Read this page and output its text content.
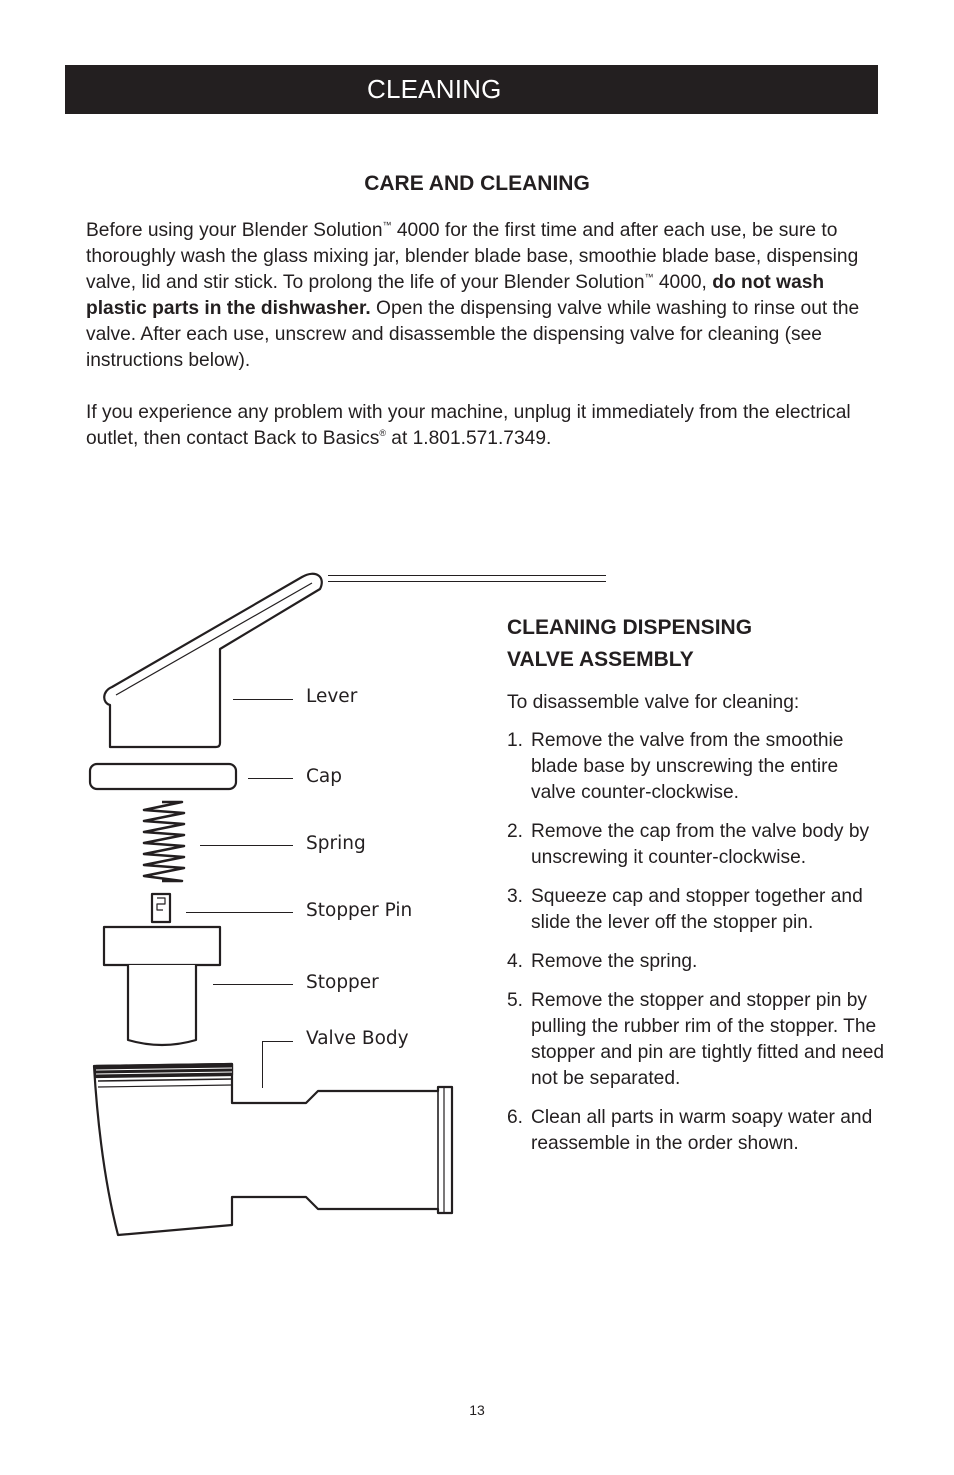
CLEANING
CARE AND CLEANING

Before using your Blender Solution™ 4000 for the first time and after each use, be sure to thoroughly wash the glass mixing jar, blender blade base, smoothie blade base, dispensing valve, lid and stir stick. To prolong the life of your Blender Solution™ 4000, do not wash plastic parts in the dishwasher. Open the dispensing valve while washing to rinse out the valve. After each use, unscrew and disassemble the dispensing valve for cleaning (see instructions below).

If you experience any problem with your machine, unplug it immediately from the electrical outlet, then contact Back to Basics® at 1.801.571.7349.

Lever
Cap
Spring
Stopper Pin
Stopper
Valve Body
CLEANING DISPENSING
VALVE ASSEMBLY

To disassemble valve for cleaning:

1. Remove the valve from the smoothie blade base by unscrewing the entire valve counter-clockwise.
2. Remove the cap from the valve body by unscrewing it counter-clockwise.
3. Squeeze cap and stopper together and slide the lever off the stopper pin.
4. Remove the spring.
5. Remove the stopper and stopper pin by pulling the rubber rim of the stopper. The stopper and pin are tightly fitted and need not be separated.
6. Clean all parts in warm soapy water and reassemble in the order shown.
13
